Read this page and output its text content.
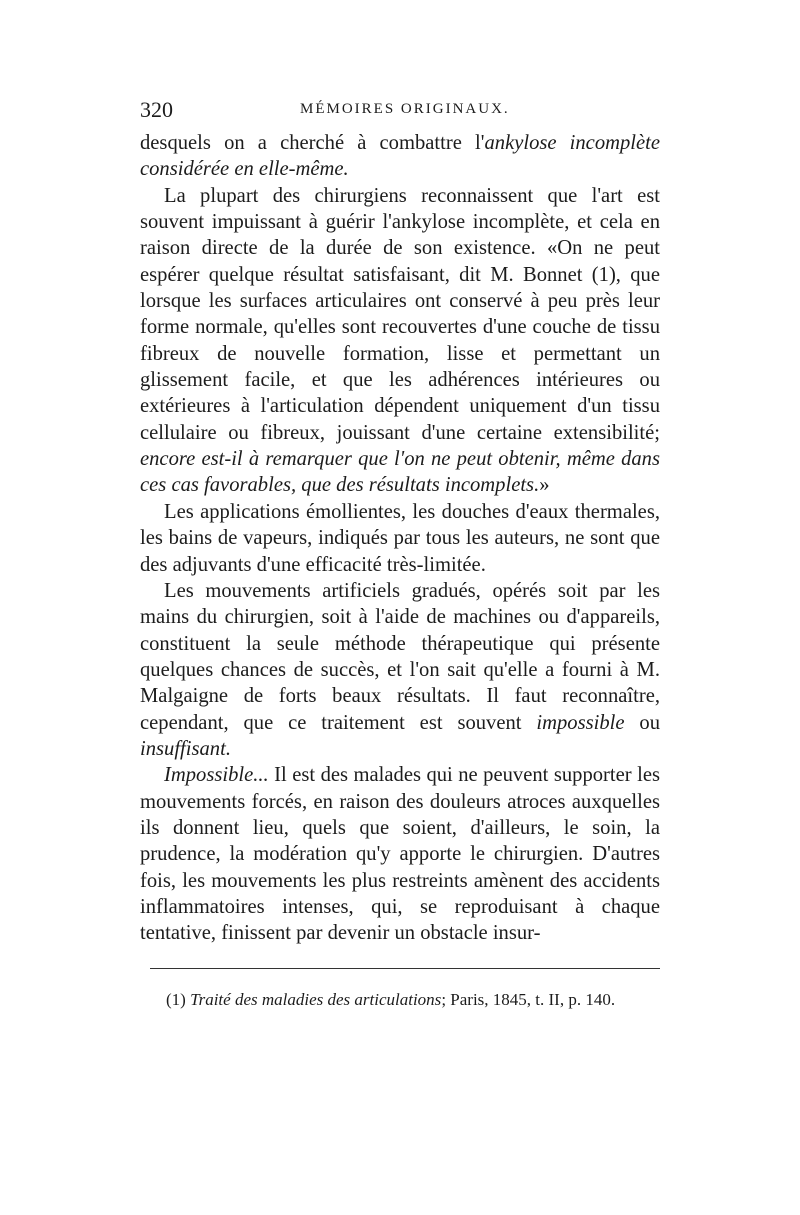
320	MÉMOIRES ORIGINAUX.

desquels on a cherché à combattre l'ankylose incomplète considérée en elle-même.

La plupart des chirurgiens reconnaissent que l'art est souvent impuissant à guérir l'ankylose incomplète, et cela en raison directe de la durée de son existence. «On ne peut espérer quelque résultat satisfaisant, dit M. Bonnet (1), que lorsque les surfaces articulaires ont conservé à peu près leur forme normale, qu'elles sont recouvertes d'une couche de tissu fibreux de nouvelle formation, lisse et permettant un glissement facile, et que les adhérences intérieures ou extérieures à l'articulation dépendent uniquement d'un tissu cellulaire ou fibreux, jouissant d'une certaine extensibilité; encore est-il à remarquer que l'on ne peut obtenir, même dans ces cas favorables, que des résultats incomplets.»

Les applications émollientes, les douches d'eaux thermales, les bains de vapeurs, indiqués par tous les auteurs, ne sont que des adjuvants d'une efficacité très-limitée.

Les mouvements artificiels gradués, opérés soit par les mains du chirurgien, soit à l'aide de machines ou d'appareils, constituent la seule méthode thérapeutique qui présente quelques chances de succès, et l'on sait qu'elle a fourni à M. Malgaigne de forts beaux résultats. Il faut reconnaître, cependant, que ce traitement est souvent impossible ou insuffisant.

Impossible... Il est des malades qui ne peuvent supporter les mouvements forcés, en raison des douleurs atroces auxquelles ils donnent lieu, quels que soient, d'ailleurs, le soin, la prudence, la modération qu'y apporte le chirurgien. D'autres fois, les mouvements les plus restreints amènent des accidents inflammatoires intenses, qui, se reproduisant à chaque tentative, finissent par devenir un obstacle insur-

(1) Traité des maladies des articulations; Paris, 1845, t. II, p. 140.
